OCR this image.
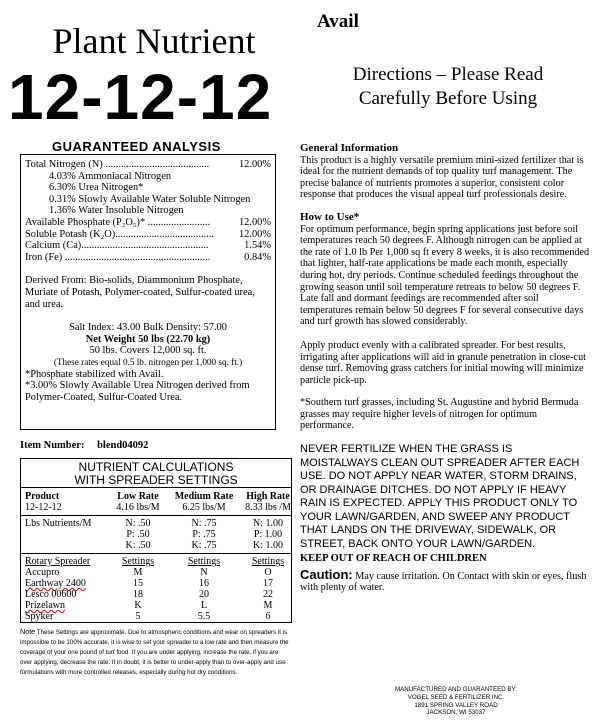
Avail
Plant Nutrient
12-12-12	Directions – Please Read
Carefully Before Using
GUARANTEED ANALYSIS
Total Nitrogen (N) ........................................	12.00%
4.03% Ammoniacal Nitrogen
6.30% Urea Nitrogen*
0.31% Slowly Available Water Soluble Nitrogen
1.36% Water Insoluble Nitrogen
Available Phosphate (P₂O₅)* ........................	12.00%
Soluble Potash (K₂O)...................................... 12.00%
Calcium (Ca).................................................	1.54%
Iron (Fe) ........................................................	0.84%
Derived From: Bio-solids, Diammonium Phosphate, Muriate of Potash, Polymer-coated, Sulfur-coated urea, and urea.
Salt Index: 43.00 Bulk Density: 57.00
Net Weight 50 lbs (22.70 kg)
50 lbs. Covers 12,000 sq. ft.
(These rates equal 0.5 lb. nitrogen per 1,000 sq. ft.)
*Phosphate stabilized with Avail.
*3.00% Slowly Available Urea Nitrogen derived from Polymer-Coated, Sulfur-Coated Urea.
Item Number: blend04092
NUTRIENT CALCULATIONS
WITH SPREADER SETTINGS
Product	Low Rate	Medium Rate	High Rate
12-12-12	4.16 lbs/M	6.25 lbs/M	8.33 lbs /M
Lbs Nutrients/M	N: .50	N: .75	N: 1.00
P: .50	P: .75	P: 1.00
K: .50	K: .75	K: 1.00
Rotary Spreader	Settings	Settings	Settings
Accupro	M	N	O
Earthway 2400	15	16	17
Lesco 00600	18	20	22
Prizelawn	K	L	M
Spyker	5	5.5	6
Note These Settings are approximate. Due to atmospheric conditions and wear on spreaders it is impossible to be 100% accurate, it is wise to set your spreader to a low rate and then measure the coverage of your one pound of turf food. If you are under applying, increase the rate, if you are over applying, decrease the rate. If in doubt, it is better to under-apply than to over-apply and use formulations with more controlled releases, especially during hot dry conditions.
General Information
This product is a highly versatile premium mini-sized fertilizer that is ideal for the nutrient demands of top quality turf management. The precise balance of nutrients promotes a superior, consistent color response that produces the visual appeal turf professionals desire.
How to Use*
For optimum performance, begin spring applications just before soil temperatures reach 50 degrees F. Although nitrogen can be applied at the rate of 1.0 lb Per 1,000 sq ft every 8 weeks, it is also recommended that lighter, half-rate applications be made each month, especially during hot, dry periods. Continue scheduled feedings throughout the growing season until soil temperature retreats to below 50 degrees F. Late fall and dormant feedings are recommended after soil temperatures remain below 50 degrees F for several consecutive days and turf growth has slowed considerably.
Apply product evenly with a calibrated spreader. For best results, irrigating after applications will aid in granule penetration in close-cut dense turf. Removing grass catchers for initial mowing will minimize particle pick-up.
*Southern turf grasses, including St. Augustine and hybrid Bermuda grasses may require higher levels of nitrogen for optimum performance.
NEVER FERTILIZE WHEN THE GRASS IS MOISTALWAYS CLEAN OUT SPREADER AFTER EACH USE. DO NOT APPLY NEAR WATER, STORM DRAINS, OR DRAINAGE DITCHES. DO NOT APPLY IF HEAVY RAIN IS EXPECTED. APPLY THIS PRODUCT ONLY TO YOUR LAWN/GARDEN, AND SWEEP ANY PRODUCT THAT LANDS ON THE DRIVEWAY, SIDEWALK, OR STREET, BACK ONTO YOUR LAWN/GARDEN.
KEEP OUT OF REACH OF CHILDREN
Caution: May cause irritation. On Contact with skin or eyes, flush with plenty of water.
MANUFACTURED AND GUARANTEED BY:
VOGEL SEED & FERTILIZER INC.
1891 SPRING VALLEY ROAD
JACKSON, WI 53037
